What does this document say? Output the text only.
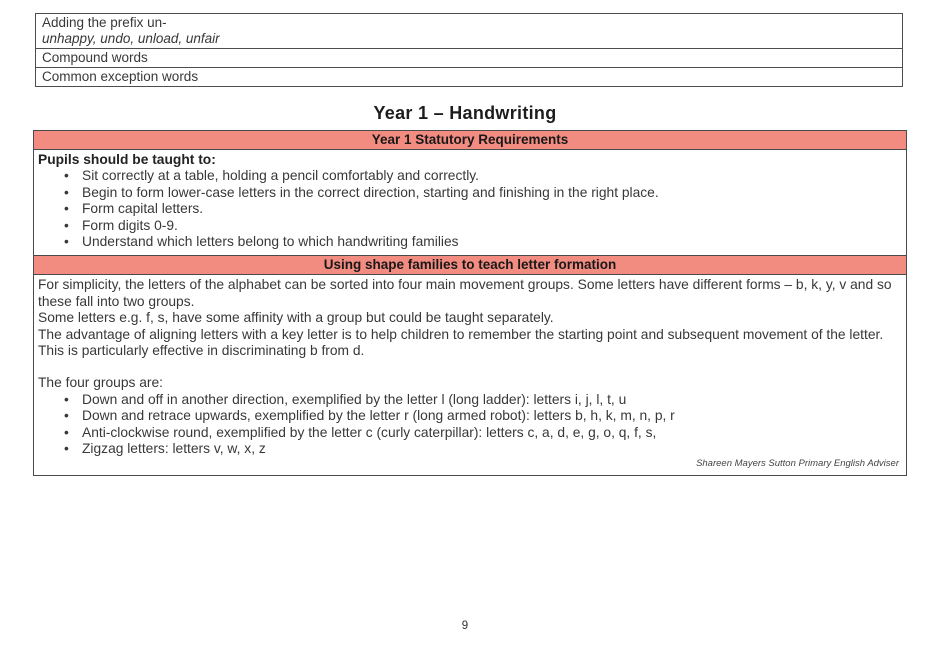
Adding the prefix un-
unhappy, undo, unload, unfair
Compound words
Common exception words
Year 1 – Handwriting
Year 1 Statutory Requirements
Pupils should be taught to:
• Sit correctly at a table, holding a pencil comfortably and correctly.
• Begin to form lower-case letters in the correct direction, starting and finishing in the right place.
• Form capital letters.
• Form digits 0-9.
• Understand which letters belong to which handwriting families
Using shape families to teach letter formation

For simplicity, the letters of the alphabet can be sorted into four main movement groups. Some letters have different forms – b, k, y, v and so these fall into two groups.

Some letters e.g. f, s, have some affinity with a group but could be taught separately.

The advantage of aligning letters with a key letter is to help children to remember the starting point and subsequent movement of the letter. This is particularly effective in discriminating b from d.

The four groups are:
• Down and off in another direction, exemplified by the letter l (long ladder): letters i, j, l, t, u
• Down and retrace upwards, exemplified by the letter r (long armed robot): letters b, h, k, m, n, p, r
• Anti-clockwise round, exemplified by the letter c (curly caterpillar): letters c, a, d, e, g, o, q, f, s,
• Zigzag letters: letters v, w, x, z
Shareen Mayers Sutton Primary English Adviser
9
